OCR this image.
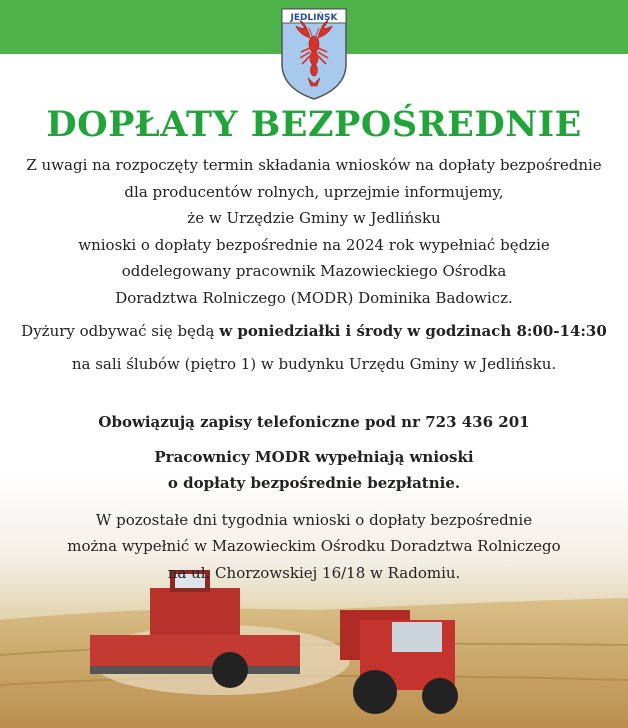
JEDLIŃSK
DOPŁATY BEZPOŚREDNIE
Z uwagi na rozpoczęty termin składania wniosków na dopłaty bezpośrednie
dla producentów rolnych, uprzejmie informujemy,
że w Urzędzie Gminy w Jedlińsku
wnioski o dopłaty bezpośrednie na 2024 rok wypełniać będzie
oddelegowany pracownik Mazowieckiego Ośrodka
Doradztwa Rolniczego (MODR) Dominika Badowicz.
Dyżury odbywać się będą w poniedziałki i środy w godzinach 8:00-14:30
na sali ślubów (piętro 1) w budynku Urzędu Gminy w Jedlińsku.
Obowiązują zapisy telefoniczne pod nr 723 436 201
Pracownicy MODR wypełniają wnioski
o dopłaty bezpośrednie bezpłatnie.
W pozostałe dni tygodnia wnioski o dopłaty bezpośrednie
można wypełnić w Mazowieckim Ośrodku Doradztwa Rolniczego
na ul. Chorzowskiej 16/18 w Radomiu.
